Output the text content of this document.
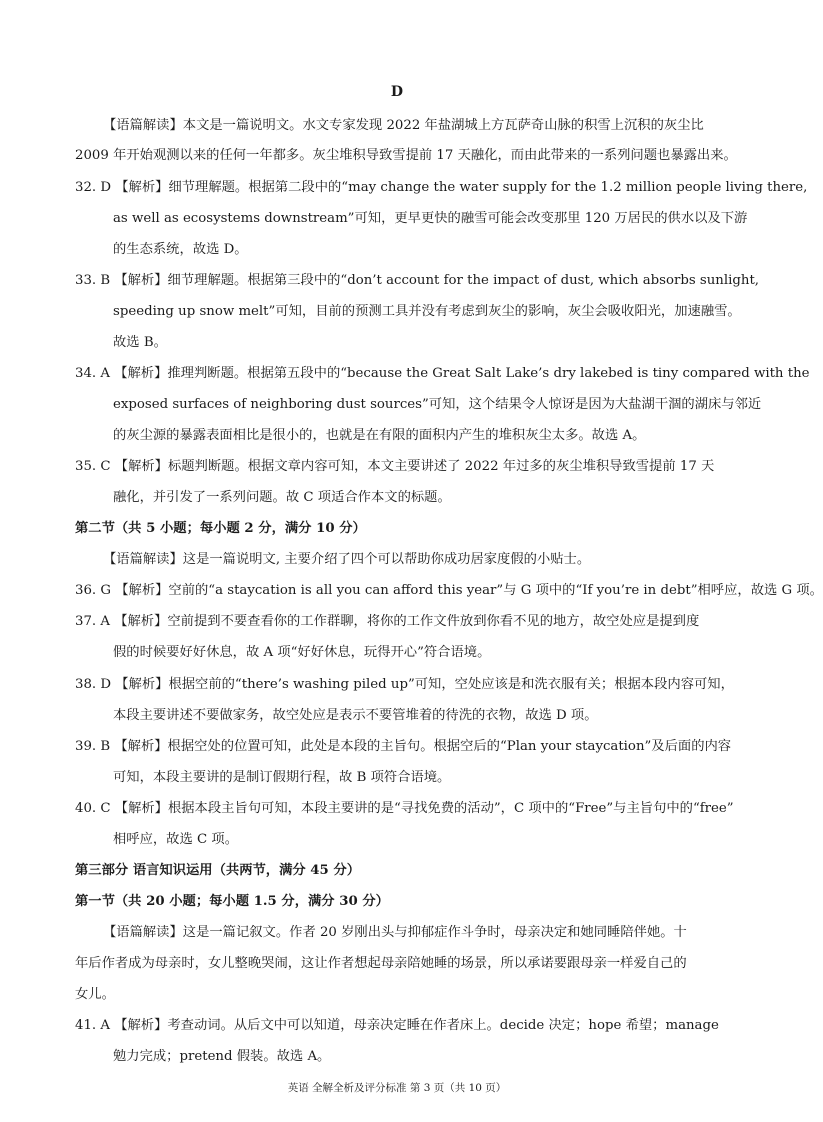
D
【语篇解读】本文是一篇说明文。水文专家发现 2022 年盐湖城上方瓦萨奇山脉的积雪上沉积的灰尘比
2009 年开始观测以来的任何一年都多。灰尘堆积导致雪提前 17 天融化，而由此带来的一系列问题也暴露出来。
32. D 【解析】细节理解题。根据第二段中的“may change the water supply for the 1.2 million people living there,
as well as ecosystems downstream”可知，更早更快的融雪可能会改变那里 120 万居民的供水以及下游
的生态系统，故选 D。
33. B 【解析】细节理解题。根据第三段中的“don’t account for the impact of dust, which absorbs sunlight,
speeding up snow melt”可知，目前的预测工具并没有考虑到灰尘的影响，灰尘会吸收阳光，加速融雪。
故选 B。
34. A 【解析】推理判断题。根据第五段中的“because the Great Salt Lake’s dry lakebed is tiny compared with the
exposed surfaces of neighboring dust sources”可知，这个结果令人惊讶是因为大盐湖干涸的湖床与邻近
的灰尘源的暴露表面相比是很小的，也就是在有限的面积内产生的堆积灰尘太多。故选 A。
35. C 【解析】标题判断题。根据文章内容可知，本文主要讲述了 2022 年过多的灰尘堆积导致雪提前 17 天
融化，并引发了一系列问题。故 C 项适合作本文的标题。
第二节（共 5 小题；每小题 2 分，满分 10 分）
【语篇解读】这是一篇说明文, 主要介绍了四个可以帮助你成功居家度假的小贴士。
36. G 【解析】空前的“a staycation is all you can afford this year”与 G 项中的“If you’re in debt”相呼应，故选 G 项。
37. A 【解析】空前提到不要查看你的工作群聊，将你的工作文件放到你看不见的地方，故空处应是提到度
假的时候要好好休息，故 A 项“好好休息，玩得开心”符合语境。
38. D 【解析】根据空前的“there’s washing piled up”可知，空处应该是和洗衣服有关；根据本段内容可知，
本段主要讲述不要做家务，故空处应是表示不要管堆着的待洗的衣物，故选 D 项。
39. B 【解析】根据空处的位置可知，此处是本段的主旨句。根据空后的“Plan your staycation”及后面的内容
可知，本段主要讲的是制订假期行程，故 B 项符合语境。
40. C 【解析】根据本段主旨句可知，本段主要讲的是“寻找免费的活动”，C 项中的“Free”与主旨句中的“free”
相呼应，故选 C 项。
第三部分 语言知识运用（共两节，满分 45 分）
第一节（共 20 小题；每小题 1.5 分，满分 30 分）
【语篇解读】这是一篇记叙文。作者 20 岁刚出头与抑郁症作斗争时，母亲决定和她同睡陪伴她。十
年后作者成为母亲时，女儿整晚哭闹，这让作者想起母亲陪她睡的场景，所以承诺要跟母亲一样爱自己的
女儿。
41. A 【解析】考查动词。从后文中可以知道，母亲决定睡在作者床上。decide 决定；hope 希望；manage
勉力完成；pretend 假装。故选 A。
英语 全解全析及评分标准 第 3 页（共 10 页）
